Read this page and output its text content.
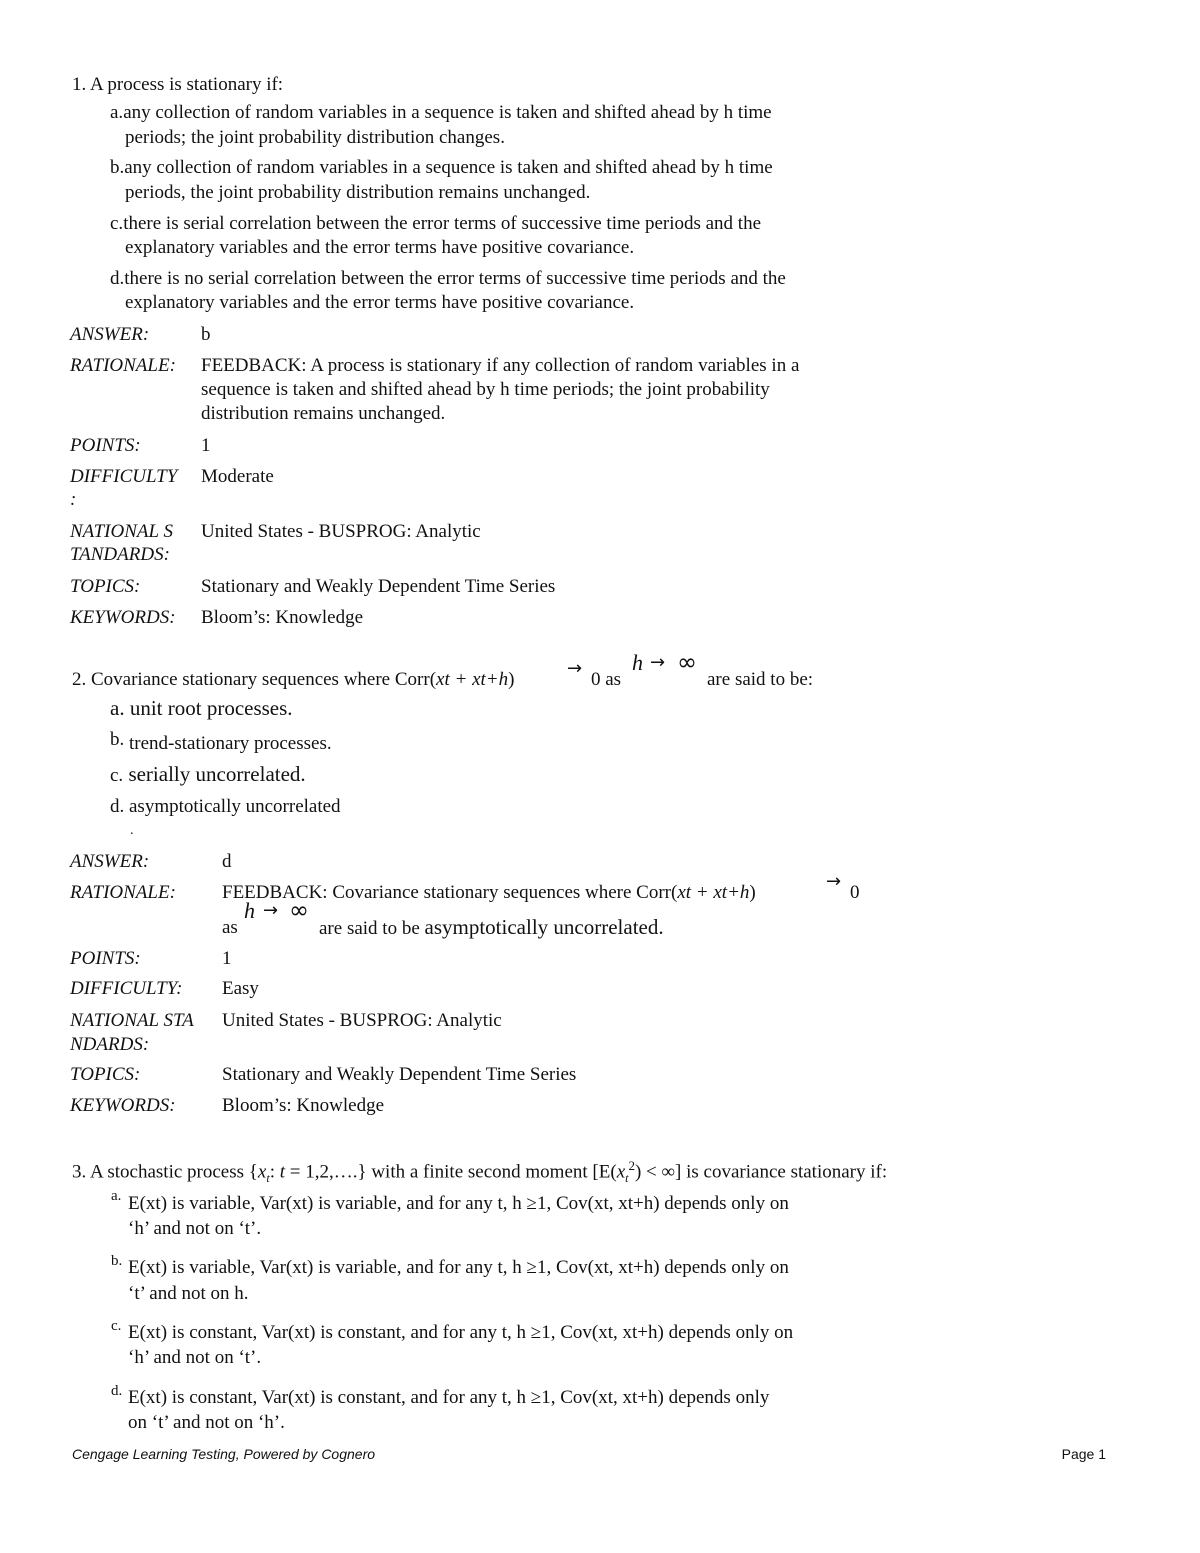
1. A process is stationary if:
a.any collection of random variables in a sequence is taken and shifted ahead by h time
periods; the joint probability distribution changes.
b.any collection of random variables in a sequence is taken and shifted ahead by h time
periods, the joint probability distribution remains unchanged.
c.there is serial correlation between the error terms of successive time periods and the
explanatory variables and the error terms have positive covariance.
d.there is no serial correlation between the error terms of successive time periods and the
explanatory variables and the error terms have positive covariance.
ANSWER:	b
RATIONALE: FEEDBACK: A process is stationary if any collection of random variables in a
sequence is taken and shifted ahead by h time periods; the joint probability
distribution remains unchanged.
POINTS:	1
DIFFICULTY
:
Moderate
NATIONAL S
TANDARDS:
United States - BUSPROG: Analytic
TOPICS:	Stationary and Weakly Dependent Time Series
KEYWORDS: Bloom’s: Knowledge
2. Covariance stationary sequences where Corr(xt + xt+h)
→
0 as
h → ∞
are said to be:
a. unit root processes.
b. trend-stationary processes.
c. serially uncorrelated.
d. asymptotically uncorrelated
.
ANSWER:	d
RATIONALE: FEEDBACK: Covariance stationary sequences where Corr(xt + xt+h)
→
0
as
h → ∞
are said to be asymptotically uncorrelated.
POINTS:	1
DIFFICULTY: Easy
NATIONAL STA
NDARDS:
United States - BUSPROG: Analytic
TOPICS:	Stationary and Weakly Dependent Time Series
KEYWORDS: Bloom’s: Knowledge
3. A stochastic process {$x_t$: t = 1,2,….} with a finite second moment [$E(x_t^2)$ < ∞] is covariance stationary if:
a. E(xt) is variable, Var(xt) is variable, and for any t, h ≥1, Cov(xt, xt+h) depends only on
‘h’ and not on ‘t’.
b. E(xt) is variable, Var(xt) is variable, and for any t, h ≥1, Cov(xt, xt+h) depends only on
‘t’ and not on h.
c. E(xt) is constant, Var(xt) is constant, and for any t, h ≥1, Cov(xt, xt+h) depends only on
‘h’ and not on ‘t’.
d. E(xt) is constant, Var(xt) is constant, and for any t, h ≥1, Cov(xt, xt+h) depends only
on ‘t’ and not on ‘h’.
Cengage Learning Testing, Powered by Cognero	Page 1
